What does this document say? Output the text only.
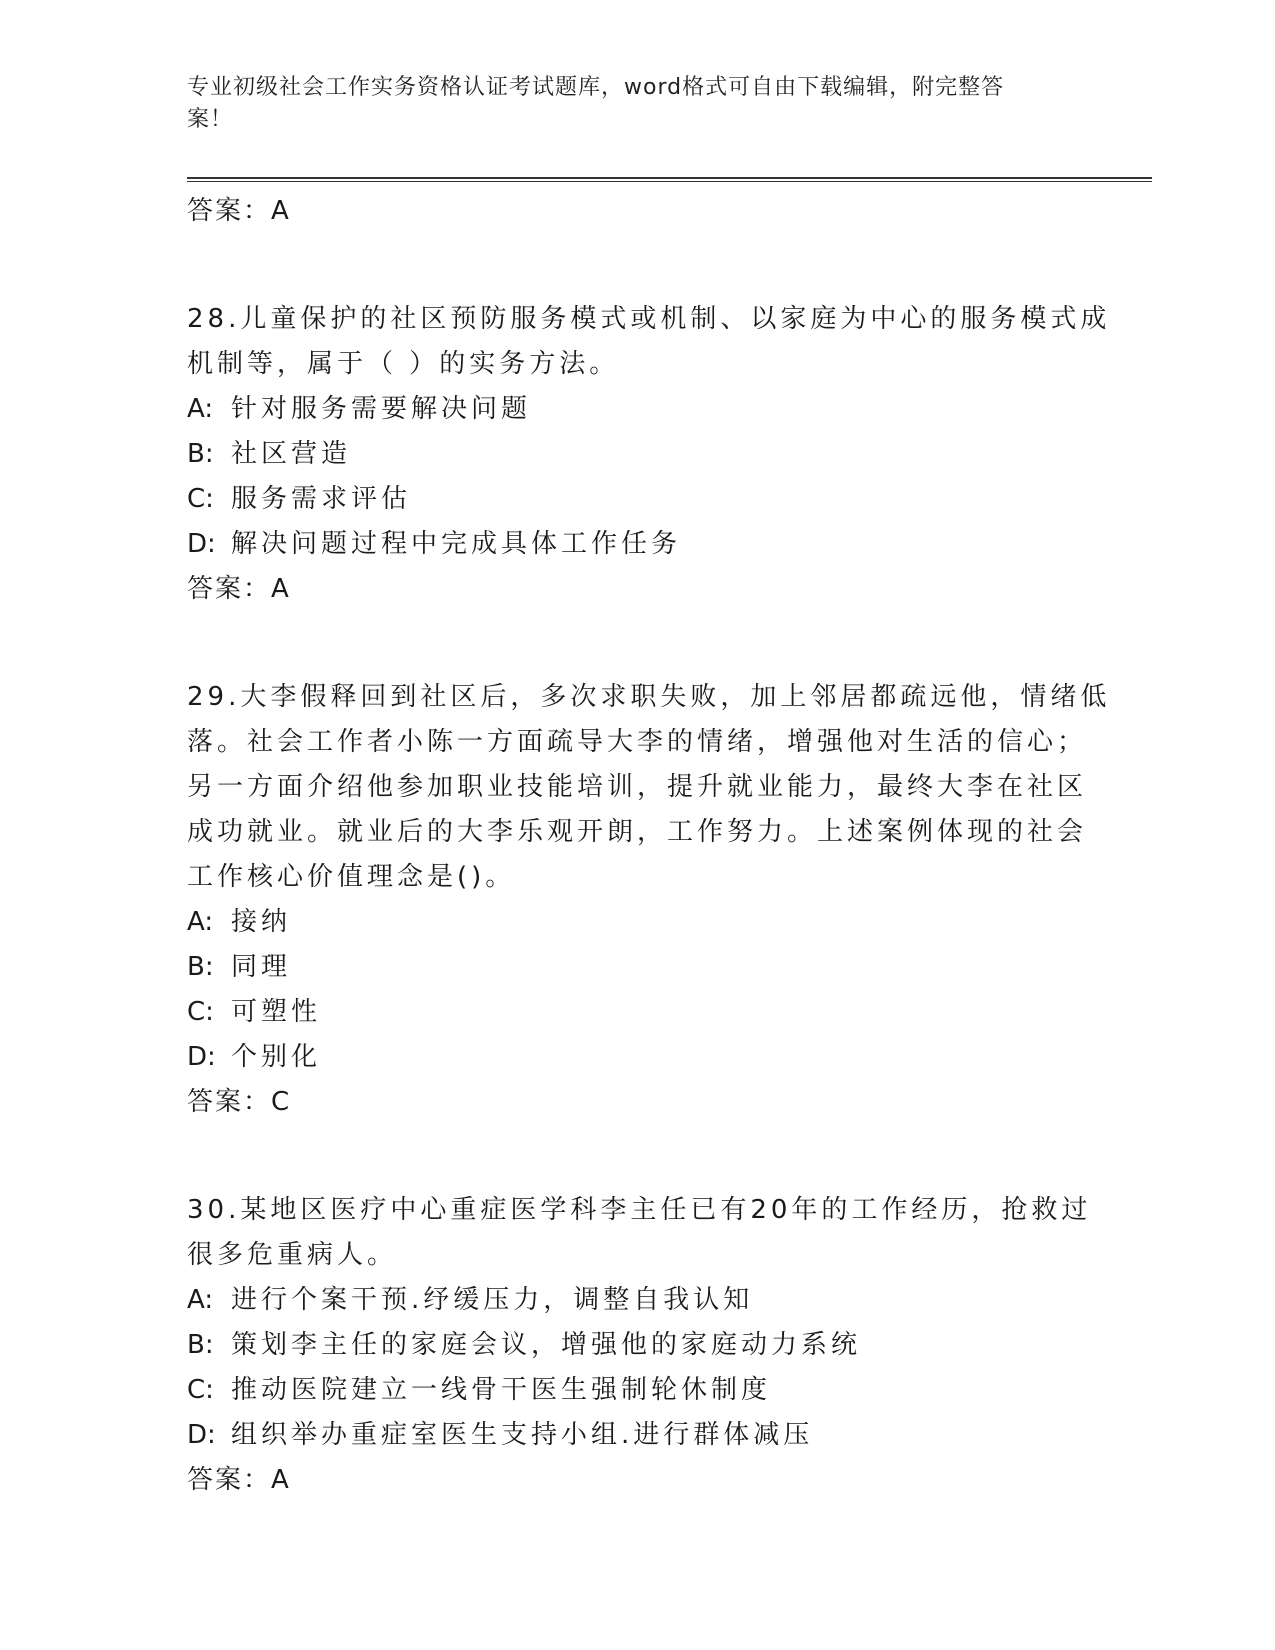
专业初级社会工作实务资格认证考试题库，word格式可自由下载编辑，附完整答
案！
答案：A
28.儿童保护的社区预防服务模式或机制、以家庭为中心的服务模式成
机制等，属于（ ）的实务方法。
A: 针对服务需要解决问题
B: 社区营造
C: 服务需求评估
D: 解决问题过程中完成具体工作任务
答案：A
29.大李假释回到社区后，多次求职失败，加上邻居都疏远他，情绪低
落。社会工作者小陈一方面疏导大李的情绪，增强他对生活的信心；
另一方面介绍他参加职业技能培训，提升就业能力，最终大李在社区
成功就业。就业后的大李乐观开朗，工作努力。上述案例体现的社会
工作核心价值理念是()。
A: 接纳
B: 同理
C: 可塑性
D: 个别化
答案：C
30.某地区医疗中心重症医学科李主任已有20年的工作经历，抢救过
很多危重病人。
A: 进行个案干预.纾缓压力，调整自我认知
B: 策划李主任的家庭会议，增强他的家庭动力系统
C: 推动医院建立一线骨干医生强制轮休制度
D: 组织举办重症室医生支持小组.进行群体减压
答案：A
